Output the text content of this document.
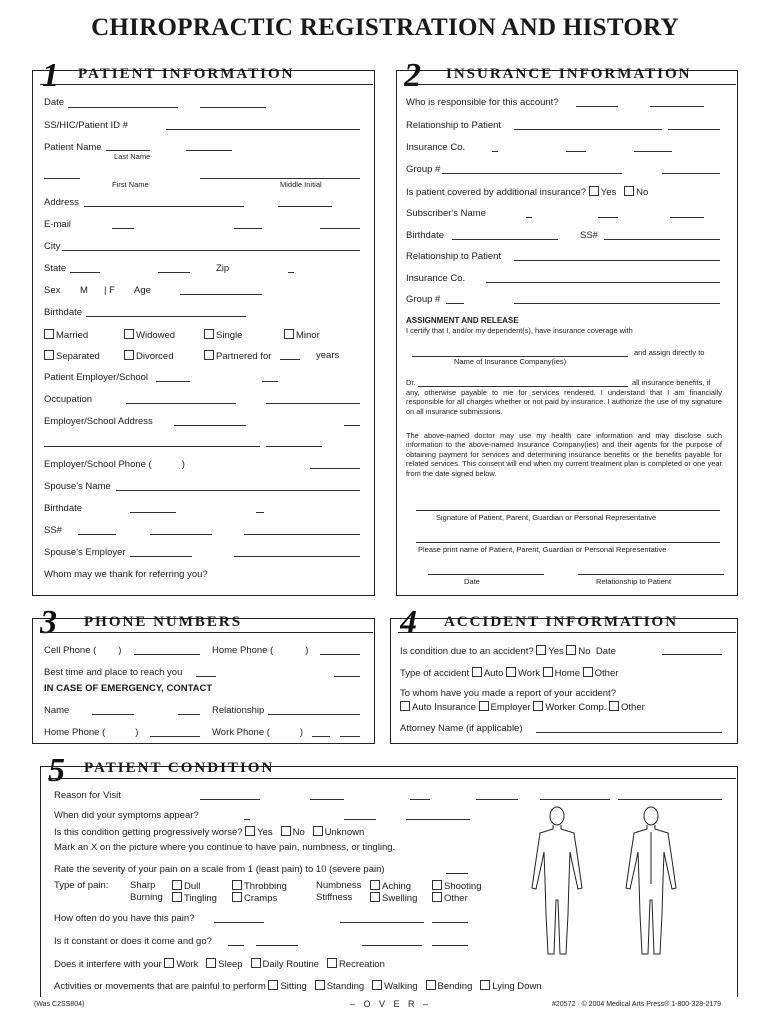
CHIROPRACTIC REGISTRATION AND HISTORY
1 PATIENT INFORMATION
Date
SS/HIC/Patient ID #
Patient Name
Last Name
First Name	Middle Initial
Address
E-mail
City
State	Zip
Sex M | F Age
Birthdate
Married	Widowed	Single	Minor
Separated	Divorced	Partnered for	years
Patient Employer/School
Occupation
Employer/School Address
Employer/School Phone (	)
Spouse's Name
Birthdate
SS#
Spouse's Employer
Whom may we thank for referring you?
2 INSURANCE INFORMATION
Who is responsible for this account?
Relationship to Patient
Insurance Co.
Group #
Is patient covered by additional insurance? Yes No
Subscriber's Name
Birthdate	SS#
Relationship to Patient
Insurance Co.
Group #
ASSIGNMENT AND RELEASE
I certify that I, and/or my dependent(s), have insurance coverage with
and assign directly to
Name of Insurance Company(ies)
Dr.	all insurance benefits, if
any, otherwise payable to me for services rendered. I understand that I am financially responsible for all charges whether or not paid by insurance. I authorize the use of my signature on all insurance submissions.
The above-named doctor may use my health care information and may disclose such information to the above-named Insurance Company(ies) and their agents for the purpose of obtaining payment for services and determining insurance benefits or the benefits payable for related services. This consent will end when my current treatment plan is completed or one year from the date signed below.
Signature of Patient, Parent, Guardian or Personal Representative
Please print name of Patient, Parent, Guardian or Personal Representative
Date	Relationship to Patient
3 PHONE NUMBERS
Cell Phone ( )	Home Phone (	)
Best time and place to reach you
IN CASE OF EMERGENCY, CONTACT
Name	Relationship
Home Phone (	)	Work Phone (	)
4 ACCIDENT INFORMATION
Is condition due to an accident? Yes No Date
Type of accident Auto Work Home Other
To whom have you made a report of your accident?
Auto Insurance Employer Worker Comp. Other
Attorney Name (if applicable)
5 PATIENT CONDITION
Reason for Visit
When did your symptoms appear?
Is this condition getting progressively worse? Yes No Unknown
Mark an X on the picture where you continue to have pain, numbness, or tingling.
Rate the severity of your pain on a scale from 1 (least pain) to 10 (severe pain)
Type of pain: Sharp	Dull	Throbbing	Numbness	Aching	Shooting
Burning	Tingling	Cramps	Stiffness	Swelling	Other
How often do you have this pain?
Is it constant or does it come and go?
Does it interfere with your Work Sleep Daily Routine Recreation
Activities or movements that are painful to perform Sitting Standing Walking Bending Lying Down
(Was C2SS804)	– O V E R –	#20572 · © 2004 Medical Arts Press® 1-800-328-2179
